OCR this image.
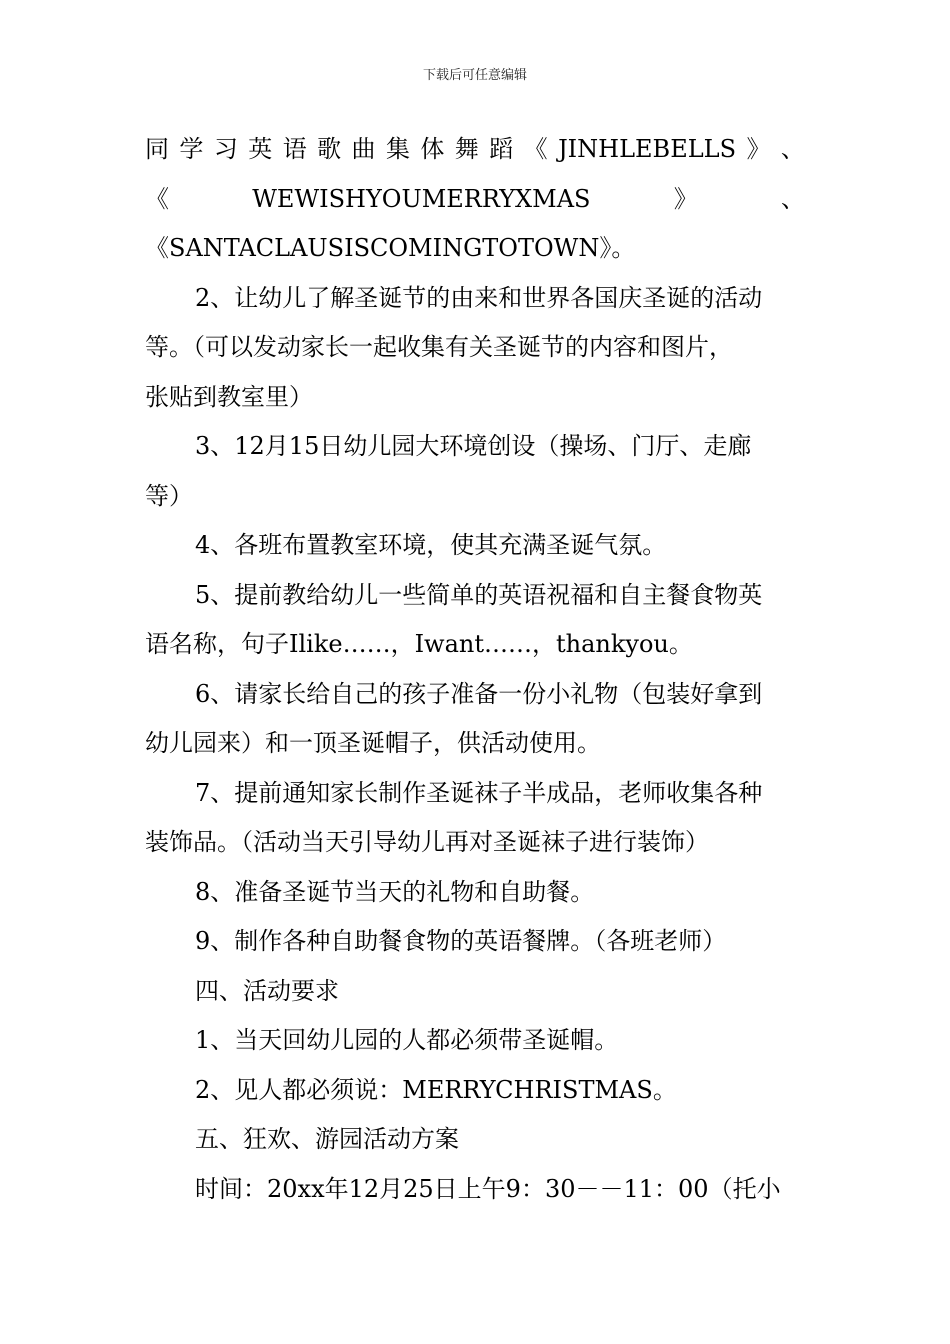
下载后可任意编辑
同 学 习 英 语 歌 曲 集 体 舞 蹈 《 JINHLEBELLS 》 、
《	WEWISHYOUMERRYXMAS	》	、
《SANTACLAUSISCOMINGTOTOWN》。
2、让幼儿了解圣诞节的由来和世界各国庆圣诞的活动
等。（可以发动家长一起收集有关圣诞节的内容和图片，
张贴到教室里）
3、12月15日幼儿园大环境创设（操场、门厅、走廊
等）
4、各班布置教室环境，使其充满圣诞气氛。
5、提前教给幼儿一些简单的英语祝福和自主餐食物英
语名称，句子Ilike……，Iwant……，thankyou。
6、请家长给自己的孩子准备一份小礼物（包装好拿到
幼儿园来）和一顶圣诞帽子，供活动使用。
7、提前通知家长制作圣诞袜子半成品，老师收集各种
装饰品。（活动当天引导幼儿再对圣诞袜子进行装饰）
8、准备圣诞节当天的礼物和自助餐。
9、制作各种自助餐食物的英语餐牌。（各班老师）
四、活动要求
1、当天回幼儿园的人都必须带圣诞帽。
2、见人都必须说：MERRYCHRISTMAS。
五、狂欢、游园活动方案
时间：20xx年12月25日上午9：30－－11：00（托小
